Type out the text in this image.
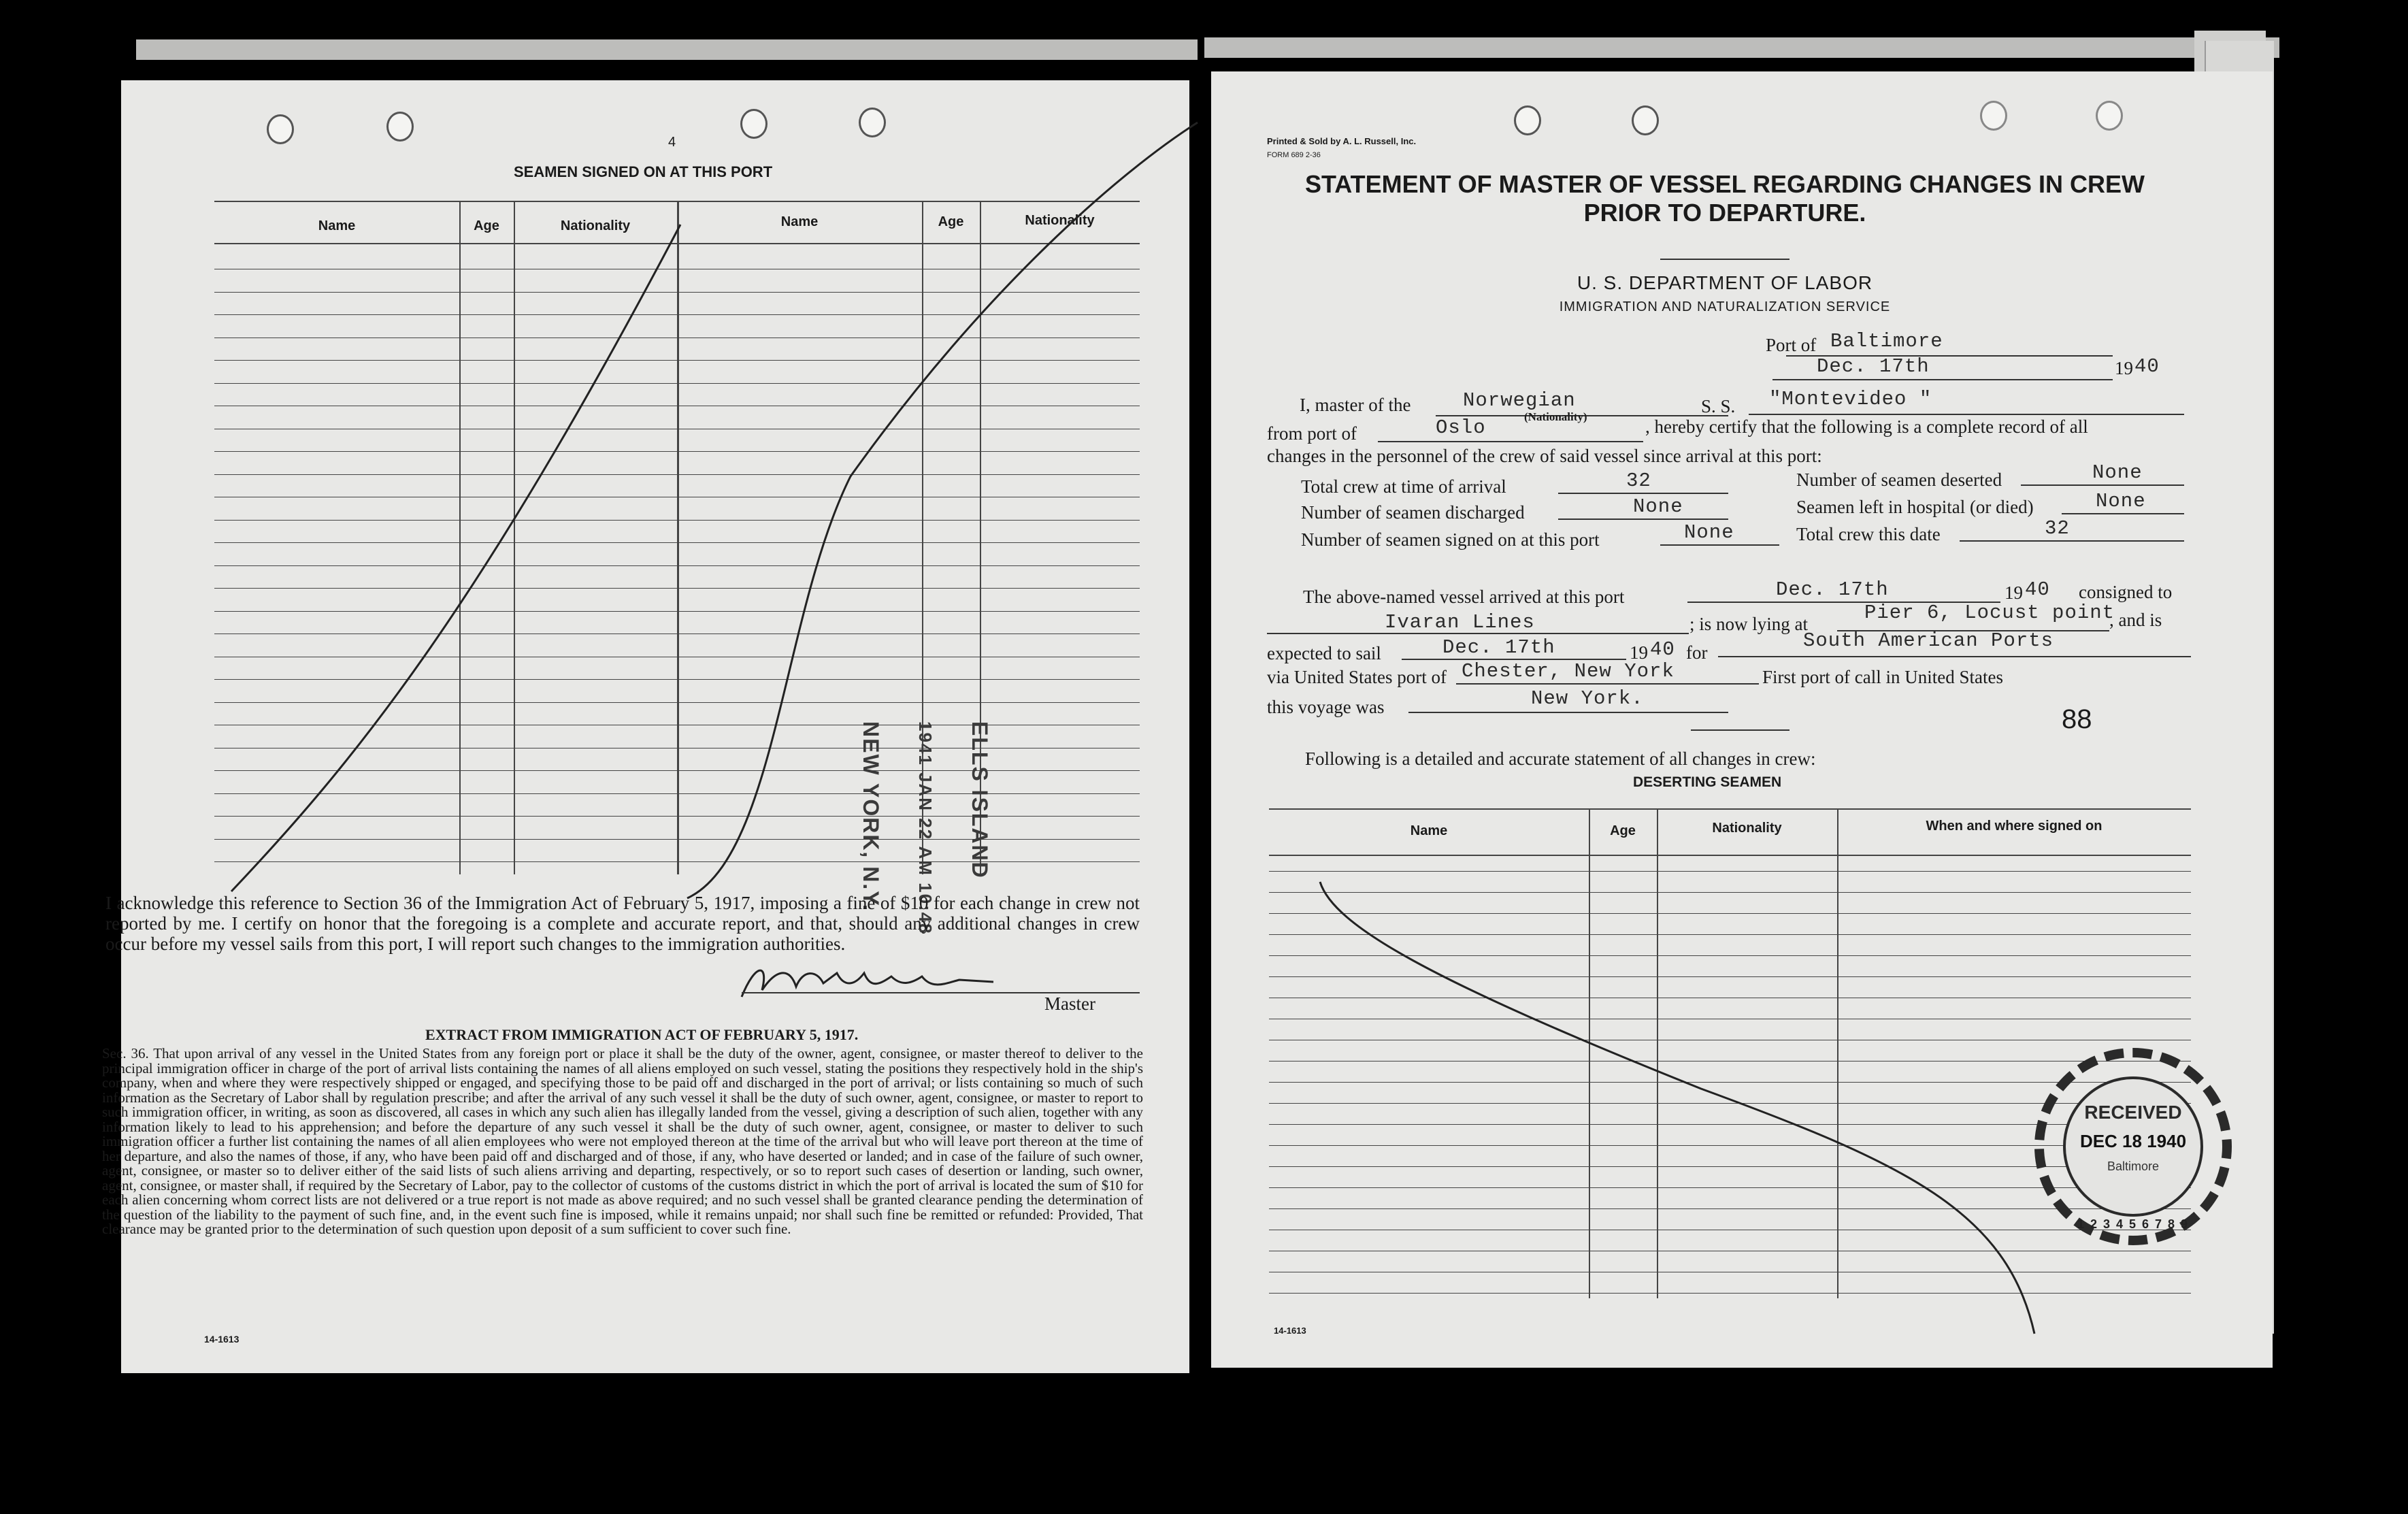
4
SEAMEN SIGNED ON AT THIS PORT
Name	Age	Nationality	Name	Age	Nationality
ELLS ISLAND
1941 JAN 22 AM 10:48
NEW YORK, N.Y.
I acknowledge this reference to Section 36 of the Immigration Act of February 5, 1917, imposing a fine of $10 for each change in crew not reported by me. I certify on honor that the foregoing is a complete and accurate report, and that, should any additional changes in crew occur before my vessel sails from this port, I will report such changes to the immigration authorities.
Master
EXTRACT FROM IMMIGRATION ACT OF FEBRUARY 5, 1917.
Sec. 36. That upon arrival of any vessel in the United States from any foreign port or place it shall be the duty of the owner, agent, consignee, or master thereof to deliver to the principal immigration officer in charge of the port of arrival lists containing the names of all aliens employed on such vessel, stating the positions they respectively hold in the ship's company, when and where they were respectively shipped or engaged, and specifying those to be paid off and discharged in the port of arrival; or lists containing so much of such information as the Secretary of Labor shall by regulation prescribe; and after the arrival of any such vessel it shall be the duty of such owner, agent, consignee, or master to report to such immigration officer, in writing, as soon as discovered, all cases in which any such alien has illegally landed from the vessel, giving a description of such alien, together with any information likely to lead to his apprehension; and before the departure of any such vessel it shall be the duty of such owner, agent, consignee, or master to deliver to such immigration officer a further list containing the names of all alien employees who were not employed thereon at the time of the arrival but who will leave port thereon at the time of her departure, and also the names of those, if any, who have been paid off and discharged and of those, if any, who have deserted or landed; and in case of the failure of such owner, agent, consignee, or master so to deliver either of the said lists of such aliens arriving and departing, respectively, or so to report such cases of desertion or landing, such owner, agent, consignee, or master shall, if required by the Secretary of Labor, pay to the collector of customs of the customs district in which the port of arrival is located the sum of $10 for each alien concerning whom correct lists are not delivered or a true report is not made as above required; and no such vessel shall be granted clearance pending the determination of the question of the liability to the payment of such fine, and, in the event such fine is imposed, while it remains unpaid; nor shall such fine be remitted or refunded: Provided, That clearance may be granted prior to the determination of such question upon deposit of a sum sufficient to cover such fine.
14-1613
Printed & Sold by A. L. Russell, Inc.
FORM 689 2-36
STATEMENT OF MASTER OF VESSEL REGARDING CHANGES IN CREW
PRIOR TO DEPARTURE.
U. S. DEPARTMENT OF LABOR
IMMIGRATION AND NATURALIZATION SERVICE
Port of Baltimore
Dec. 17th	19 40
I, master of the	Norwegian
(Nationality)
S. S. "Montevideo "
from port of	Oslo	, hereby certify that the following is a complete record of all
changes in the personnel of the crew of said vessel since arrival at this port:
Total crew at time of arrival	32	Number of seamen deserted	None
Number of seamen discharged	None	Seamen left in hospital (or died)	None
Number of seamen signed on at this port	None	Total crew this date	32
The above-named vessel arrived at this port	Dec. 17th	19 40 consigned to
Ivaran Lines	; is now lying at	Pier 6, Locust point
, and is
expected to sail	Dec. 17th	19 40 for
South American Ports
via United States port of Chester, New York	First port of call in United States
this voyage was	New York.
88
Following is a detailed and accurate statement of all changes in crew:
DESERTING SEAMEN
Name	Age	Nationality	When and where signed on
RECEIVED
DEC 18 1940
Baltimore
1 2 3 4 5 6 7 8 9
14-1613
